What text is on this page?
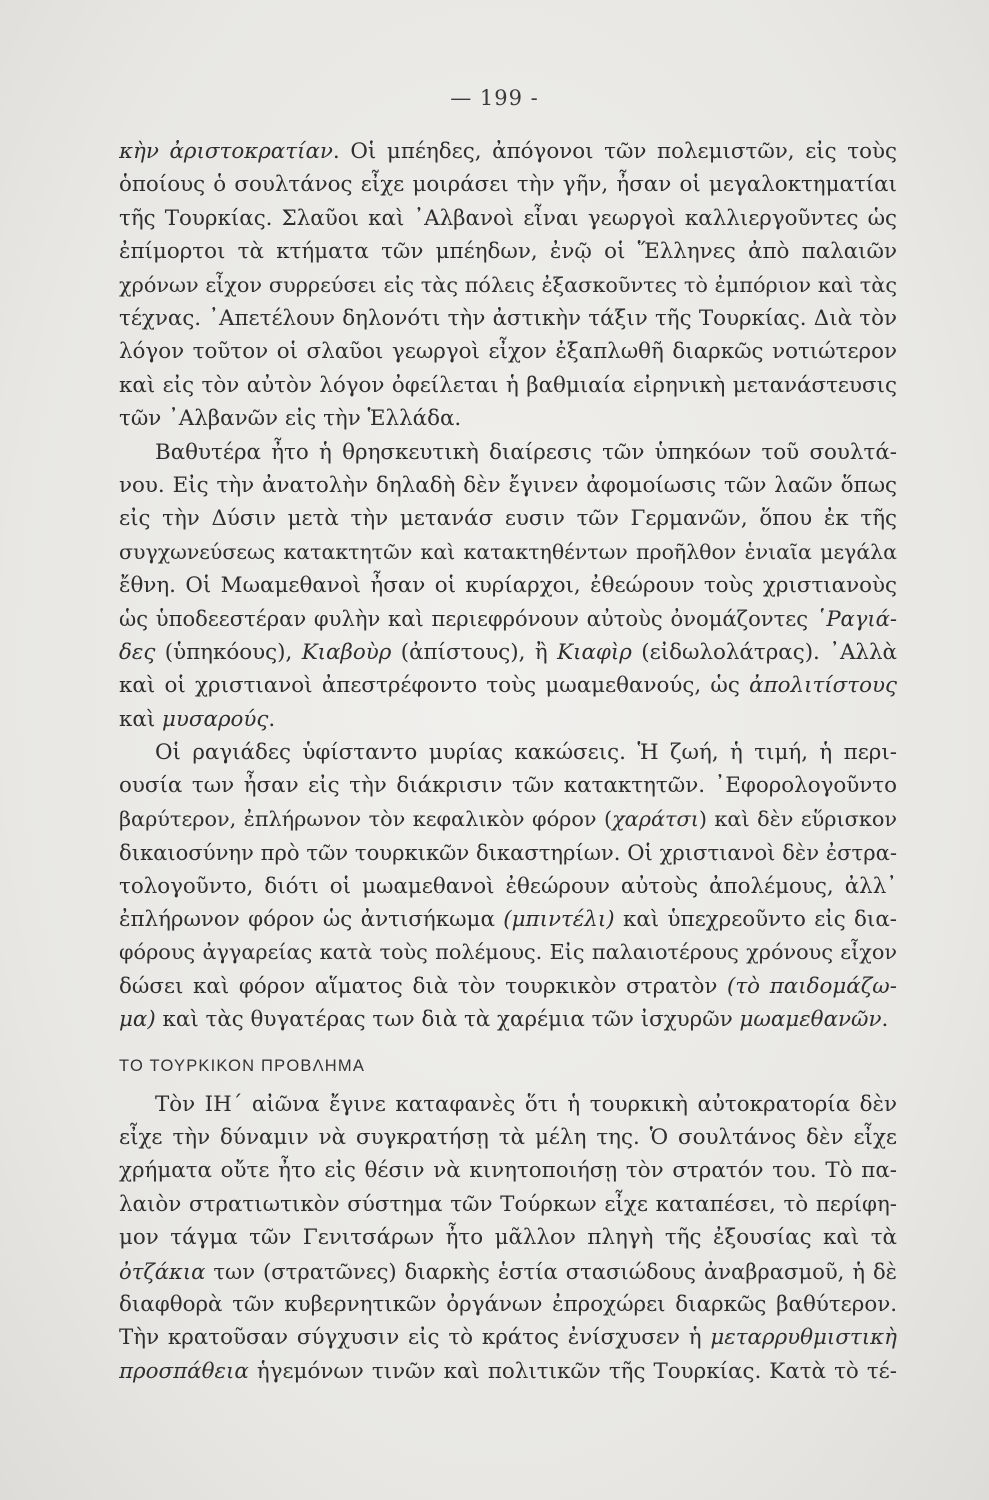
— 199 -
κὴν ἀριστοκρατίαν. Οἱ μπέηδες, ἀπόγονοι τῶν πολεμιστῶν, εἰς τοὺς
ὁποίους ὁ σουλτάνος εἶχε μοιράσει τὴν γῆν, ἦσαν οἱ μεγαλοκτηματίαι
τῆς Τουρκίας. Σλαῦοι καὶ ᾿Αλβανοὶ εἶναι γεωργοὶ καλλιεργοῦντες ὡς
ἐπίμορτοι τὰ κτήματα τῶν μπέηδων, ἐνῷ οἱ Ἕλληνες ἀπὸ παλαιῶν
χρόνων εἶχον συρρεύσει εἰς τὰς πόλεις ἐξασκοῦντες τὸ ἐμπόριον καὶ τὰς
τέχνας. ᾿Απετέλουν δηλονότι τὴν ἀστικὴν τάξιν τῆς Τουρκίας. Διὰ τὸν
λόγον τοῦτον οἱ σλαῦοι γεωργοὶ εἶχον ἐξαπλωθῆ διαρκῶς νοτιώτερον
καὶ εἰς τὸν αὐτὸν λόγον ὀφείλεται ἡ βαθμιαία εἰρηνικὴ μετανάστευσις
τῶν ᾿Αλβανῶν εἰς τὴν Ἑλλάδα.
Βαθυτέρα ἦτο ἡ θρησκευτικὴ διαίρεσις τῶν ὑπηκόων τοῦ σουλτά-
νου. Εἰς τὴν ἀνατολὴν δηλαδὴ δὲν ἔγινεν ἀφομοίωσις τῶν λαῶν ὅπως
εἰς τὴν Δύσιν μετὰ τὴν μετανάσ ευσιν τῶν Γερμανῶν, ὅπου ἐκ τῆς
συγχωνεύσεως κατακτητῶν καὶ κατακτηθέντων προῆλθον ἑνιαῖα μεγάλα
ἔθνη. Οἱ Μωαμεθανοὶ ἦσαν οἱ κυρίαρχοι, ἐθεώρουν τοὺς χριστιανοὺς
ὡς ὑποδεεστέραν φυλὴν καὶ περιεφρόνουν αὐτοὺς ὀνομάζοντες ῾Ραγιά-
δες (ὑπηκόους), Κιαβοὺρ (ἀπίστους), ἢ Κιαφὶρ (εἰδωλολάτρας). ᾿Αλλὰ
καὶ οἱ χριστιανοὶ ἀπεστρέφοντο τοὺς μωαμεθανούς, ὡς ἀπολιτίστους
καὶ μυσαρούς.
Οἱ ραγιάδες ὑφίσταντο μυρίας κακώσεις. Ἡ ζωή, ἡ τιμή, ἡ περι-
ουσία των ἦσαν εἰς τὴν διάκρισιν τῶν κατακτητῶν. ᾿Εφορολογοῦντο
βαρύτερον, ἐπλήρωνον τὸν κεφαλικὸν φόρον (χαράτσι) καὶ δὲν εὕρισκον
δικαιοσύνην πρὸ τῶν τουρκικῶν δικαστηρίων. Οἱ χριστιανοὶ δὲν ἐστρα-
τολογοῦντο, διότι οἱ μωαμεθανοὶ ἐθεώρουν αὐτοὺς ἀπολέμους, ἀλλ᾿
ἐπλήρωνον φόρον ὡς ἀντισήκωμα (μπιντέλι) καὶ ὑπεχρεοῦντο εἰς δια-
φόρους ἀγγαρείας κατὰ τοὺς πολέμους. Εἰς παλαιοτέρους χρόνους εἶχον
δώσει καὶ φόρον αἵματος διὰ τὸν τουρκικὸν στρατὸν (τὸ παιδομάζω-
μα) καὶ τὰς θυγατέρας των διὰ τὰ χαρέμια τῶν ἰσχυρῶν μωαμεθανῶν.
ΤΟ ΤΟΥΡΚΙΚΟΝ ΠΡΟΒΛΗΜΑ
Τὸν ΙΗ΄ αἰῶνα ἔγινε καταφανὲς ὅτι ἡ τουρκικὴ αὐτοκρατορία δὲν
εἶχε τὴν δύναμιν νὰ συγκρατήσῃ τὰ μέλη της. Ὁ σουλτάνος δὲν εἶχε
χρήματα οὔτε ἦτο εἰς θέσιν νὰ κινητοποιήσῃ τὸν στρατόν του. Τὸ πα-
λαιὸν στρατιωτικὸν σύστημα τῶν Τούρκων εἶχε καταπέσει, τὸ περίφη-
μον τάγμα τῶν Γενιτσάρων ἦτο μᾶλλον πληγὴ τῆς ἐξουσίας καὶ τὰ
ὀτζάκια των (στρατῶνες) διαρκὴς ἑστία στασιώδους ἀναβρασμοῦ, ἡ δὲ
διαφθορὰ τῶν κυβερνητικῶν ὀργάνων ἐπροχώρει διαρκῶς βαθύτερον.
Τὴν κρατοῦσαν σύγχυσιν εἰς τὸ κράτος ἐνίσχυσεν ἡ μεταρρυθμιστικὴ
προσπάθεια ἡγεμόνων τινῶν καὶ πολιτικῶν τῆς Τουρκίας. Κατὰ τὸ τέ-
